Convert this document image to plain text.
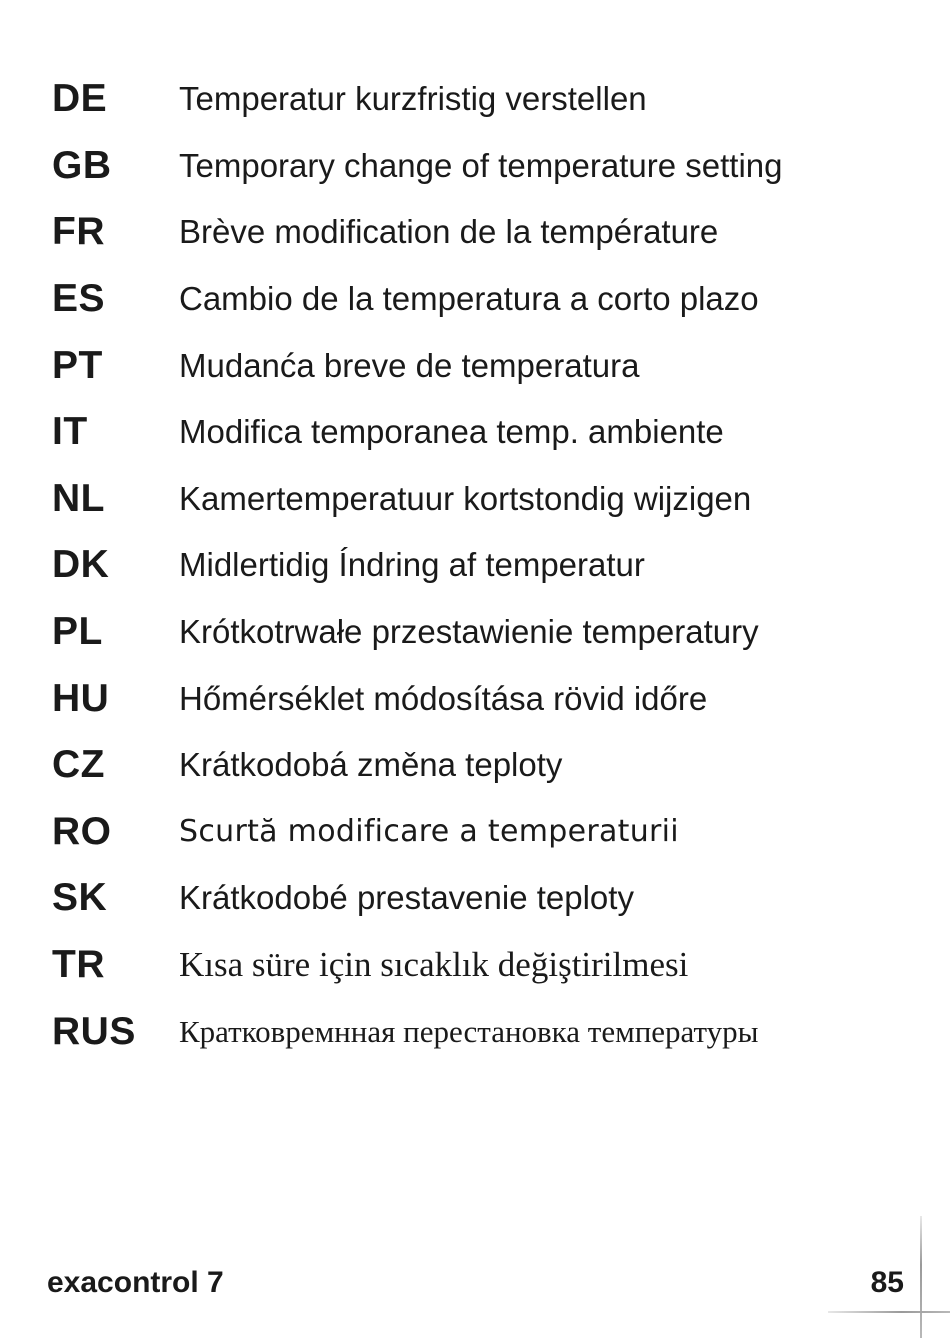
DE	Temperatur kurzfristig verstellen
GB	Temporary change of temperature setting
FR	Brève modification de la température
ES	Cambio de la temperatura a corto plazo
PT	Mudanća breve de temperatura
IT	Modifica temporanea temp. ambiente
NL	Kamertemperatuur kortstondig wijzigen
DK	Midlertidig Índring af temperatur
PL	Krótkotrwałe przestawienie temperatury
HU	Hőmérséklet módosítása rövid időre
CZ	Krátkodobá změna teploty
RO	Scurtă modificare a temperaturii
SK	Krátkodobé prestavenie teploty
TR	Kısa süre için sıcaklık değiştirilmesi
RUS	Кратковремнная перестановка температуры
exacontrol 7	85
